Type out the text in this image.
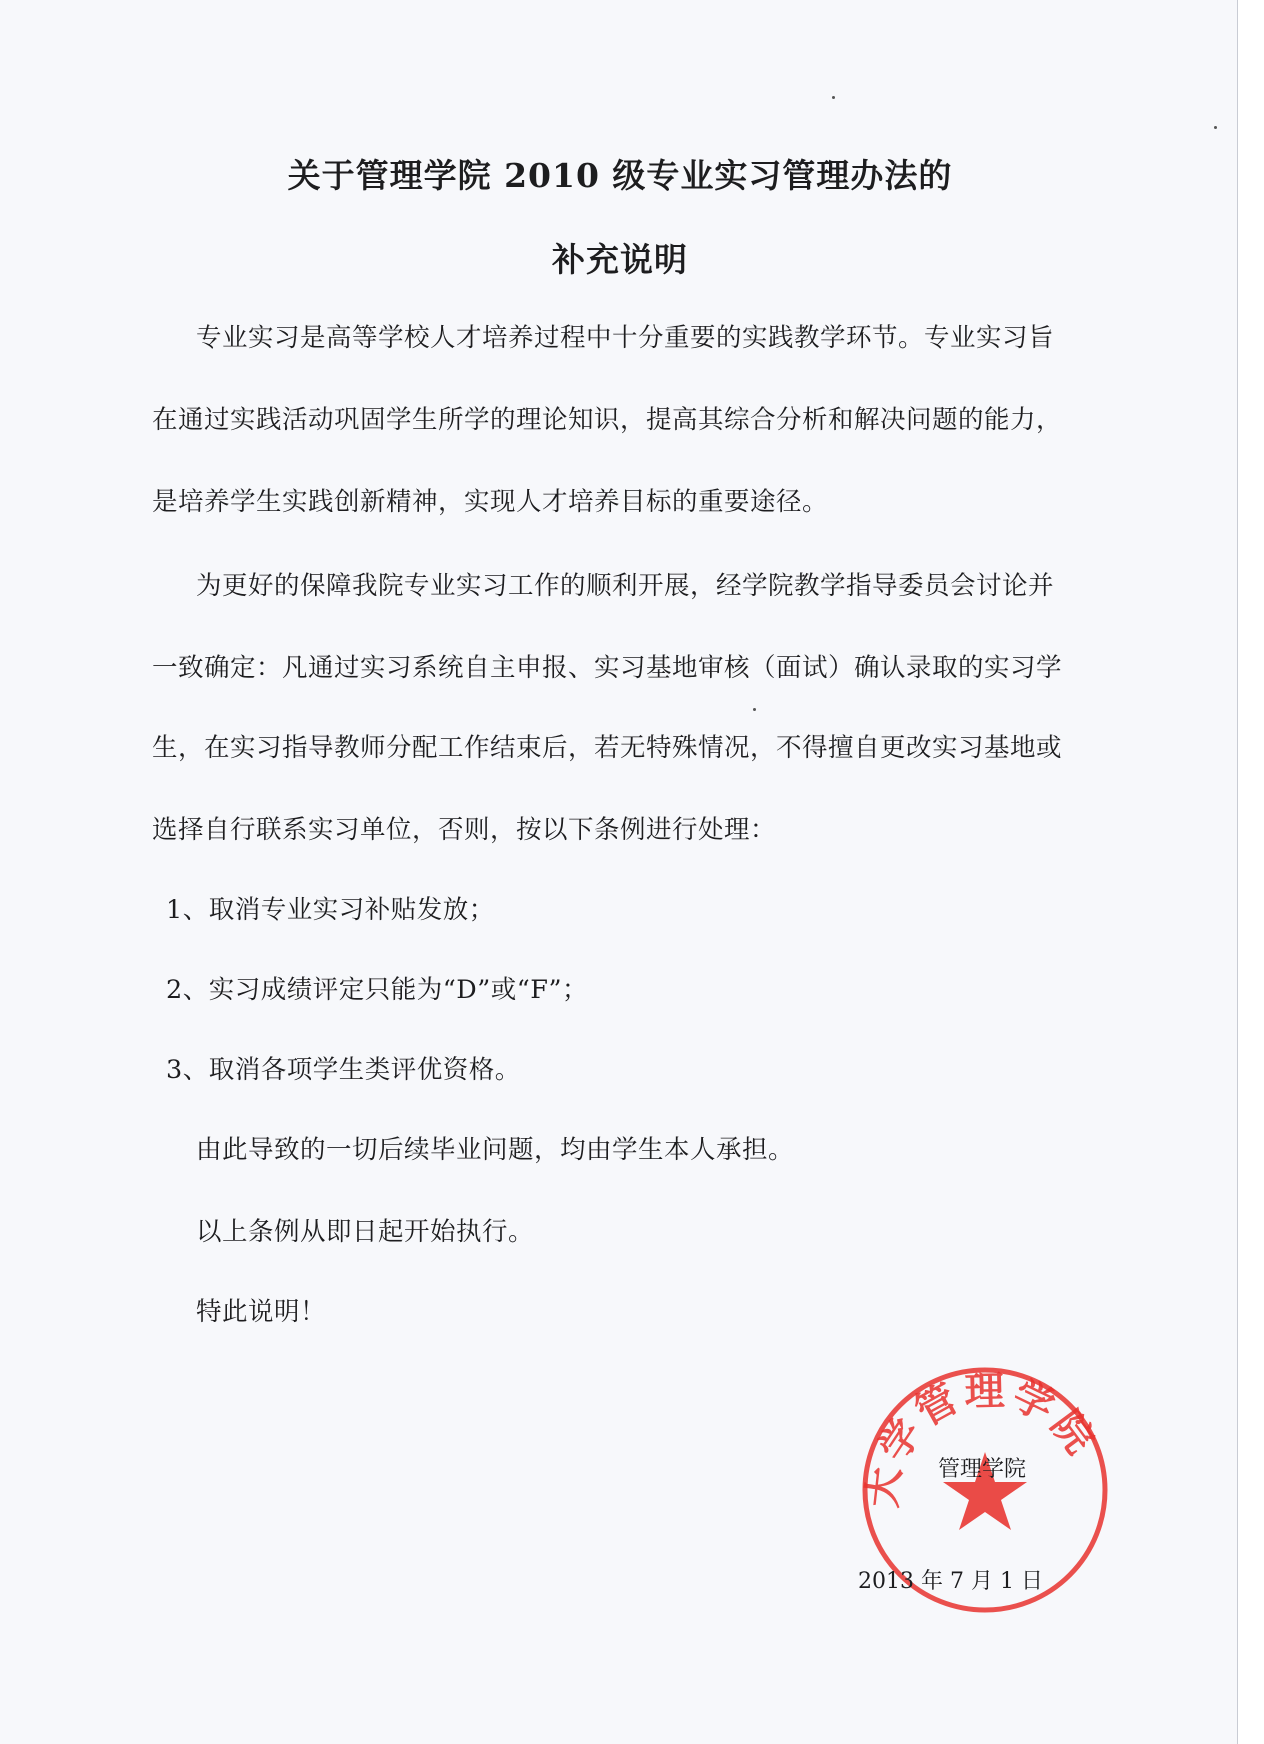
关于管理学院 2010 级专业实习管理办法的
补充说明
专业实习是高等学校人才培养过程中十分重要的实践教学环节。专业实习旨
在通过实践活动巩固学生所学的理论知识，提高其综合分析和解决问题的能力，
是培养学生实践创新精神，实现人才培养目标的重要途径。
为更好的保障我院专业实习工作的顺利开展，经学院教学指导委员会讨论并
一致确定：凡通过实习系统自主申报、实习基地审核（面试）确认录取的实习学
生，在实习指导教师分配工作结束后，若无特殊情况，不得擅自更改实习基地或
选择自行联系实习单位，否则，按以下条例进行处理：
1、取消专业实习补贴发放；
2、实习成绩评定只能为“D”或“F”；
3、取消各项学生类评优资格。
由此导致的一切后续毕业问题，均由学生本人承担。
以上条例从即日起开始执行。
特此说明！
大学管理学院
管理学院
2013 年 7 月 1 日
